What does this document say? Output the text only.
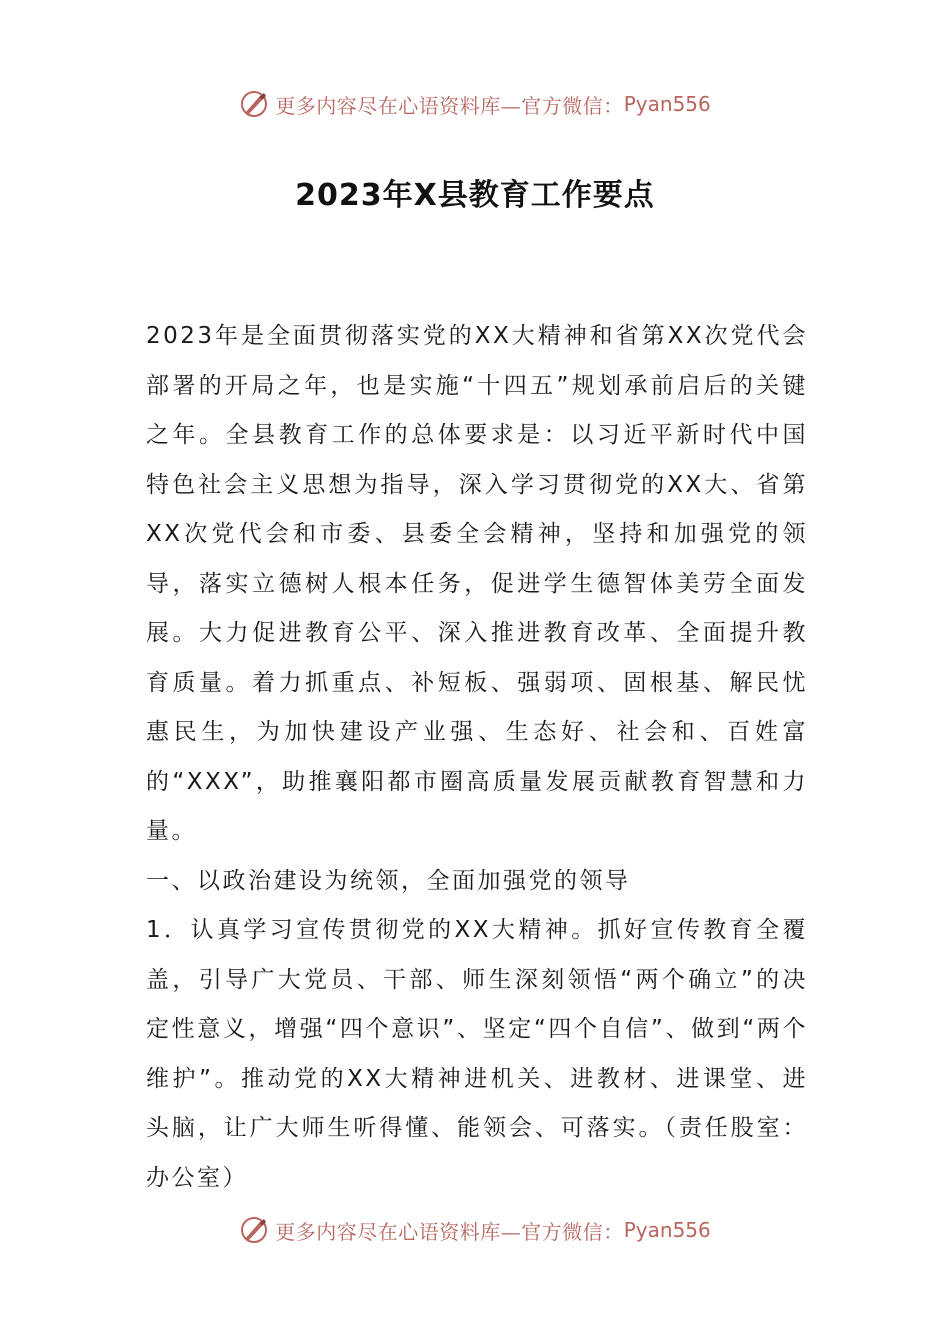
更多内容尽在心语资料库—官方微信： Pyan556
2023年X县教育工作要点

2023年是全面贯彻落实党的XX大精神和省第XX次党代会部署的开局之年，也是实施“十四五”规划承前启后的关键之年。全县教育工作的总体要求是：以习近平新时代中国特色社会主义思想为指导，深入学习贯彻党的XX大、省第XX次党代会和市委、县委全会精神，坚持和加强党的领导，落实立德树人根本任务，促进学生德智体美劳全面发展。大力促进教育公平、深入推进教育改革、全面提升教育质量。着力抓重点、补短板、强弱项、固根基、解民忧惠民生，为加快建设产业强、生态好、社会和、百姓富的“XXX”，助推襄阳都市圈高质量发展贡献教育智慧和力量。

一、以政治建设为统领，全面加强党的领导

1．认真学习宣传贯彻党的XX大精神。抓好宣传教育全覆盖，引导广大党员、干部、师生深刻领悟“两个确立”的决定性意义，增强“四个意识”、坚定“四个自信”、做到“两个维护”。推动党的XX大精神进机关、进教材、进课堂、进头脑，让广大师生听得懂、能领会、可落实。（责任股室：办公室）

更多内容尽在心语资料库—官方微信： Pyan556
